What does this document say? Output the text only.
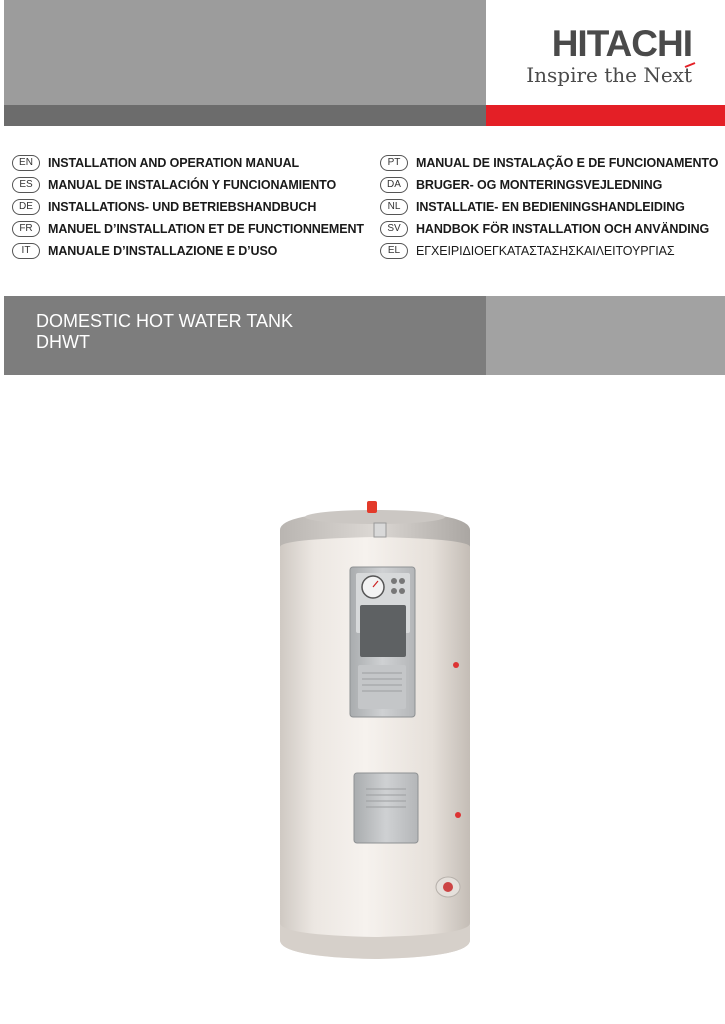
HITACHI
Inspire the Next
EN	INSTALLATION AND OPERATION MANUAL
ES	MANUAL DE INSTALACIÓN Y FUNCIONAMIENTO
DE	INSTALLATIONS- UND BETRIEBSHANDBUCH
FR	MANUEL D’INSTALLATION ET DE FUNCTIONNEMENT
IT	MANUALE D’INSTALLAZIONE E D’USO
PT	MANUAL DE INSTALAÇÃO E DE FUNCIONAMENTO
DA	BRUGER- OG MONTERINGSVEJLEDNING
NL	INSTALLATIE- EN BEDIENINGSHANDLEIDING
SV	HANDBOK FÖR INSTALLATION OCH ANVÄNDING
EL	ΕΓΧΕΙΡΙΔΙΟΕΓΚΑΤΑΣΤΑΣΗΣΚΑΙΛΕΙΤΟΥΡΓΙΑΣ
DOMESTIC HOT WATER TANK
DHWT
